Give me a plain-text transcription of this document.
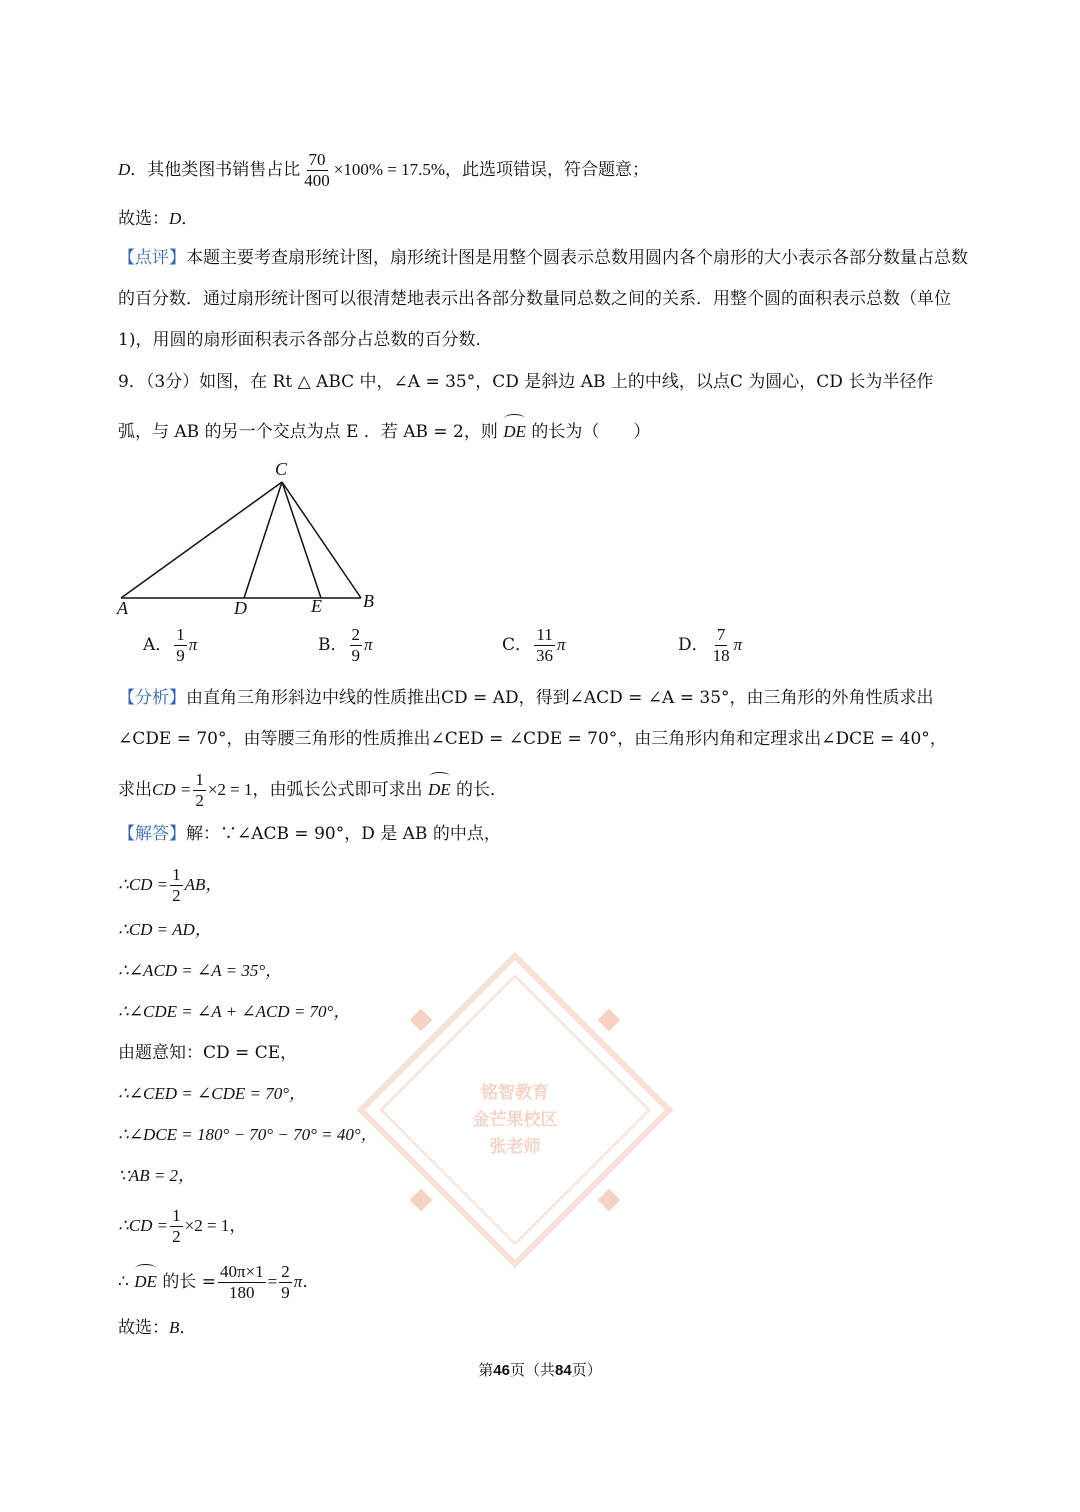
D．其他类图书销售占比 $\frac{70}{400} \times 100\% = 17.5\%$，此选项错误，符合题意；
故选：D．
【点评】本题主要考查扇形统计图，扇形统计图是用整个圆表示总数用圆内各个扇形的大小表示各部分数量占总数的百分数．通过扇形统计图可以很清楚地表示出各部分数量同总数之间的关系．用整个圆的面积表示总数（单位1)，用圆的扇形面积表示各部分占总数的百分数．
9．（3分）如图，在 Rt △ ABC 中，∠A = 35°，CD 是斜边 AB 上的中线，以点C 为圆心，CD 长为半径作
弧，与 AB 的另一个交点为点 E ．若 AB = 2，则 DE 的长为（　　）
C
A	D	E B
A． $\frac{1}{9}$ π	B． $\frac{2}{9}$ π	C． $\frac{11}{36}$ π	D． $\frac{7}{18}$ π
【分析】由直角三角形斜边中线的性质推出CD = AD，得到∠ACD = ∠A = 35°，由三角形的外角性质求出
∠CDE = 70°，由等腰三角形的性质推出∠CED = ∠CDE = 70°，由三角形内角和定理求出∠DCE = 40°，
求出CD = $\frac{1}{2} \times 2 = 1$，由弧长公式即可求出 DE 的长．
【解答】解：∵∠ACB = 90°，D 是 AB 的中点，
∴CD = $\frac{1}{2}$ AB，
∴CD = AD，
∴∠ACD = ∠A = 35°，
∴∠CDE = ∠A + ∠ACD = 70°，
由题意知：CD = CE，
∴∠CED = ∠CDE = 70°，
∴∠DCE = 180° − 70° − 70° = 40°，
∵AB = 2，
∴CD = $\frac{1}{2} \times 2 = 1$，
∴ DE 的长 = $\frac{40\pi\times 1}{180} = \frac{2}{9}$ π．
故选：B．
铭智教育
金芒果校区
张老师
第46页（共84页）
